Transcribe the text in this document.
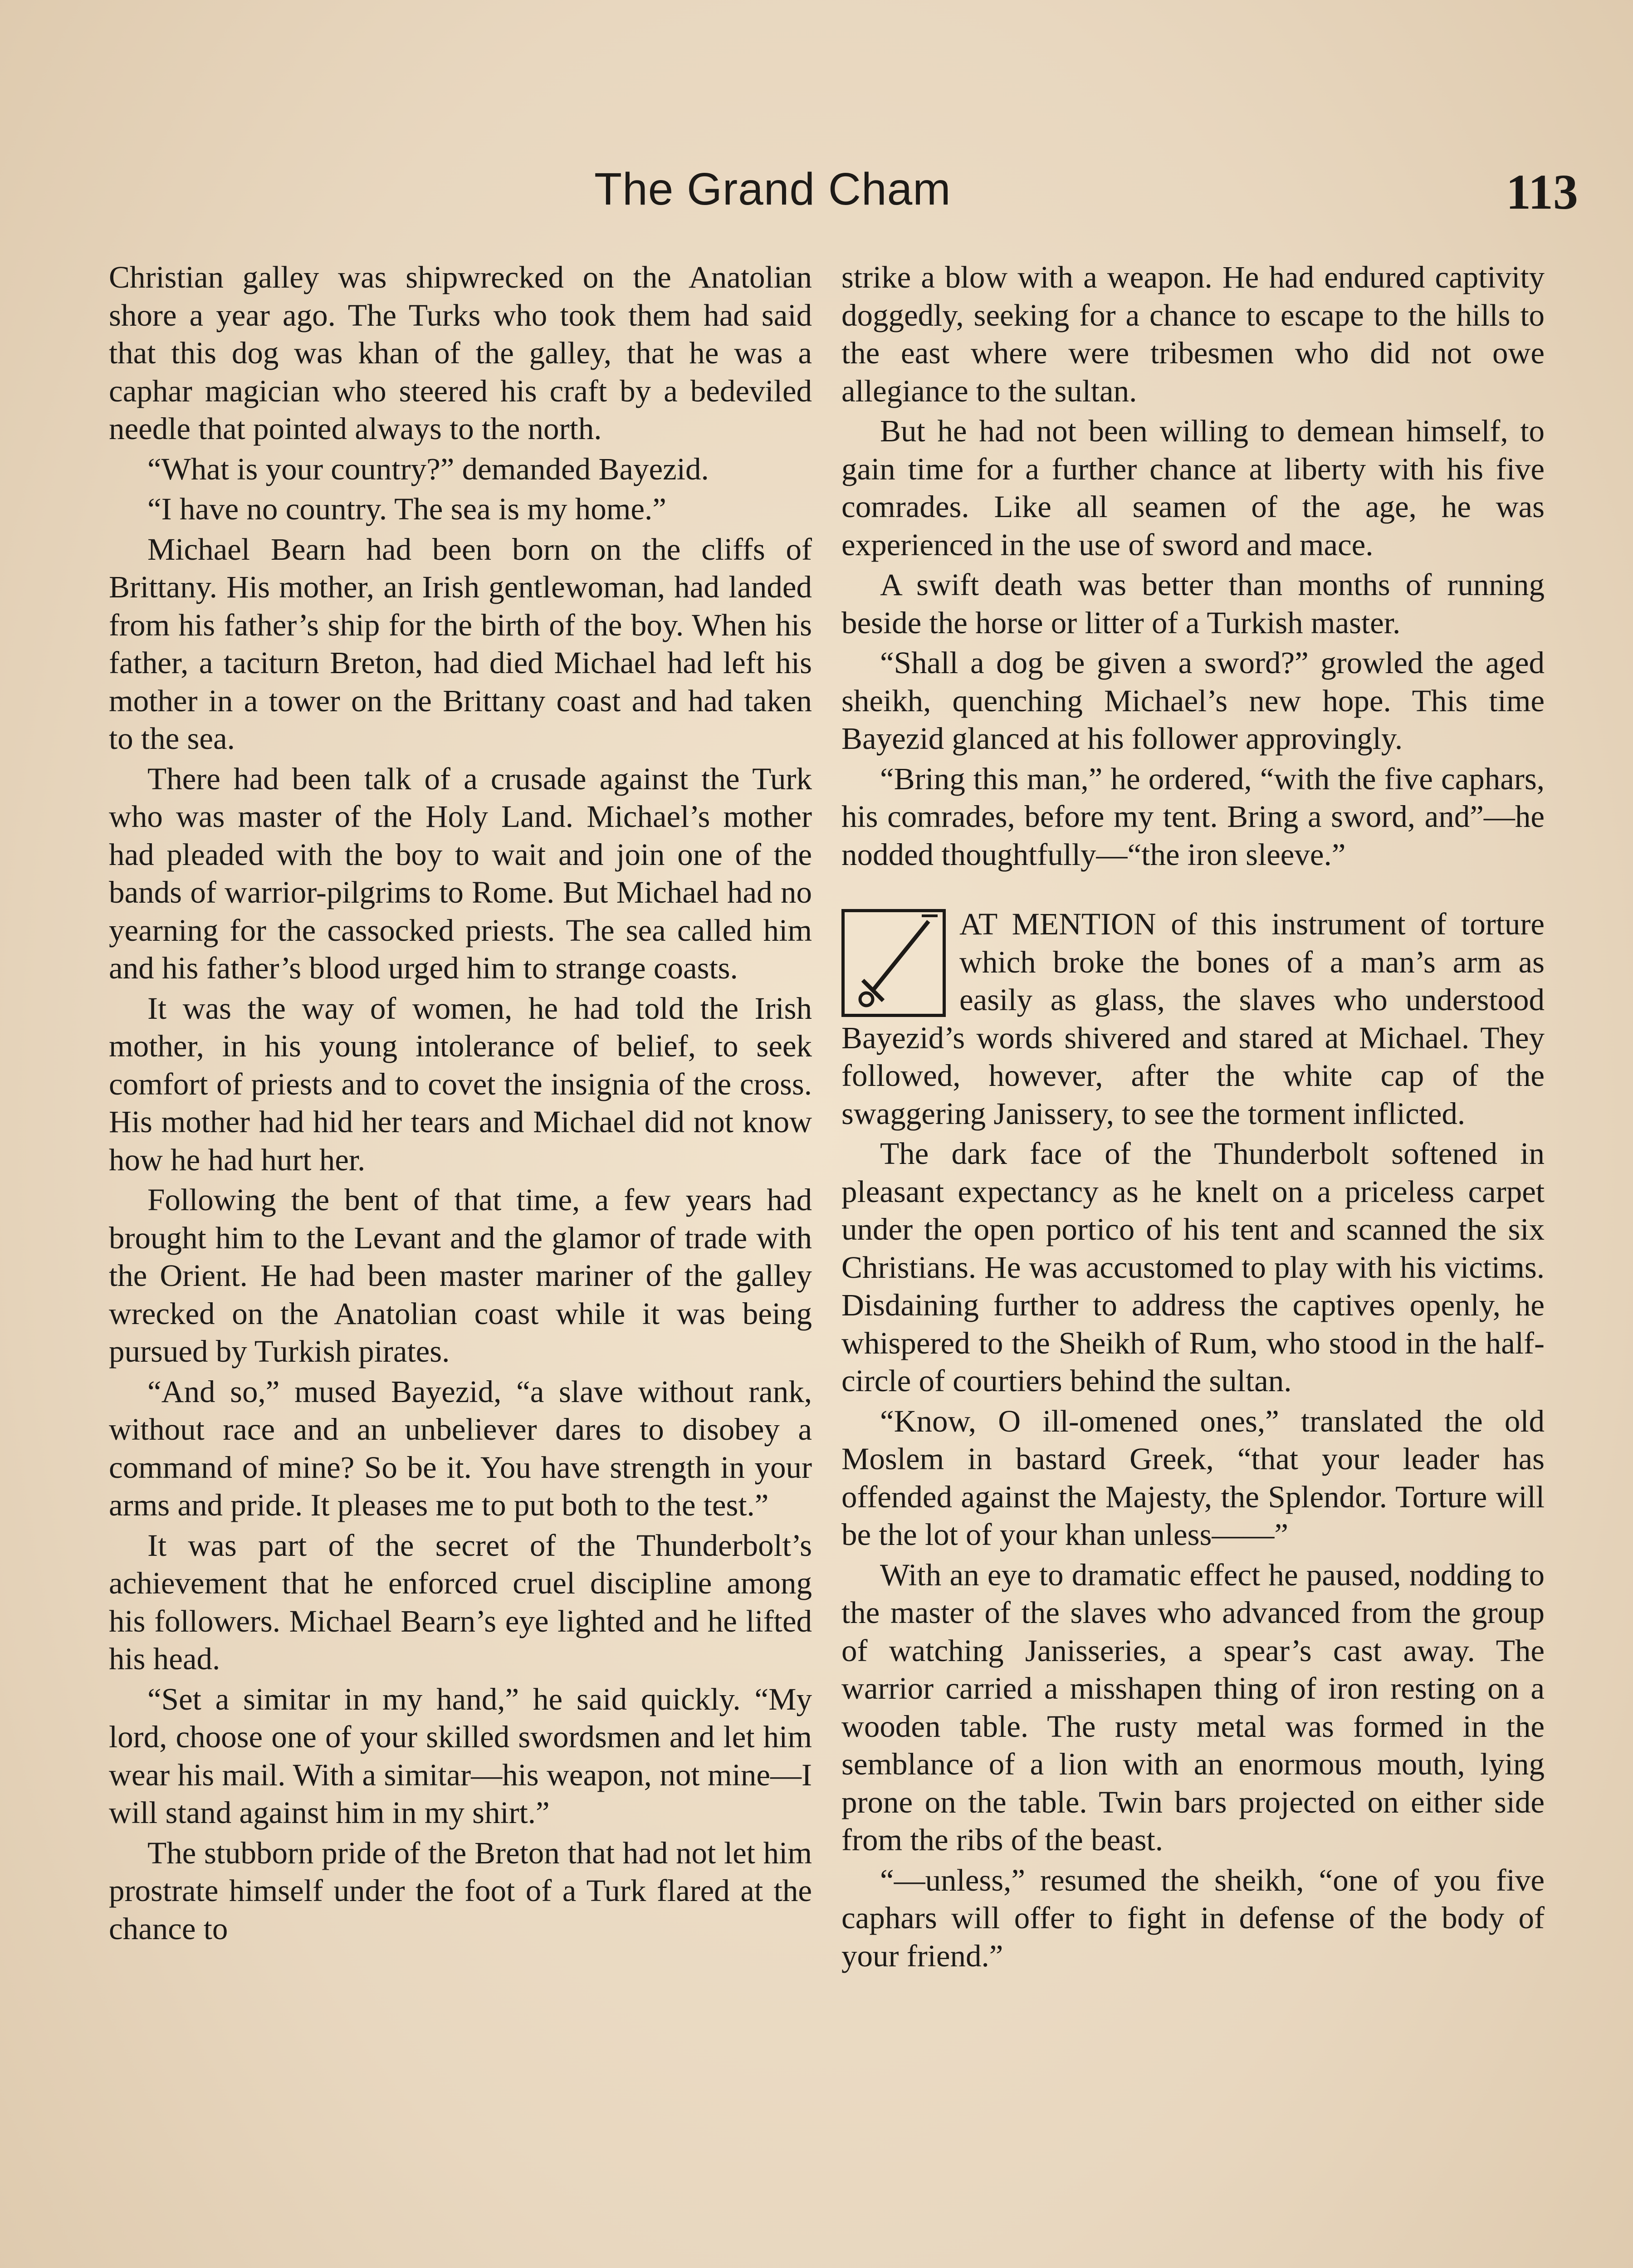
The Grand Cham	113

Christian galley was shipwrecked on the Anatolian shore a year ago. The Turks who took them had said that this dog was khan of the galley, that he was a caphar magician who steered his craft by a bedeviled needle that pointed always to the north.

“What is your country?” demanded Bayezid.

“I have no country. The sea is my home.”

Michael Bearn had been born on the cliffs of Brittany. His mother, an Irish gentlewoman, had landed from his father’s ship for the birth of the boy. When his father, a taciturn Breton, had died Michael had left his mother in a tower on the Brittany coast and had taken to the sea.

There had been talk of a crusade against the Turk who was master of the Holy Land. Michael’s mother had pleaded with the boy to wait and join one of the bands of warrior-pilgrims to Rome. But Michael had no yearning for the cassocked priests. The sea called him and his father’s blood urged him to strange coasts.

It was the way of women, he had told the Irish mother, in his young intolerance of belief, to seek comfort of priests and to covet the insignia of the cross. His mother had hid her tears and Michael did not know how he had hurt her.

Following the bent of that time, a few years had brought him to the Levant and the glamor of trade with the Orient. He had been master mariner of the galley wrecked on the Anatolian coast while it was being pursued by Turkish pirates.

“And so,” mused Bayezid, “a slave without rank, without race and an unbeliever dares to disobey a command of mine? So be it. You have strength in your arms and pride. It pleases me to put both to the test.”

It was part of the secret of the Thunderbolt’s achievement that he enforced cruel discipline among his followers. Michael Bearn’s eye lighted and he lifted his head.

“Set a simitar in my hand,” he said quickly. “My lord, choose one of your skilled swordsmen and let him wear his mail. With a simitar—his weapon, not mine—I will stand against him in my shirt.”

The stubborn pride of the Breton that had not let him prostrate himself under the foot of a Turk flared at the chance to

strike a blow with a weapon. He had endured captivity doggedly, seeking for a chance to escape to the hills to the east where were tribesmen who did not owe allegiance to the sultan.

But he had not been willing to demean himself, to gain time for a further chance at liberty with his five comrades. Like all seamen of the age, he was experienced in the use of sword and mace.

A swift death was better than months of running beside the horse or litter of a Turkish master.

“Shall a dog be given a sword?” growled the aged sheikh, quenching Michael’s new hope. This time Bayezid glanced at his follower approvingly.

“Bring this man,” he ordered, “with the five caphars, his comrades, before my tent. Bring a sword, and”—he nodded thoughtfully—“the iron sleeve.”

AT MENTION of this instrument of torture which broke the bones of a man’s arm as easily as glass, the slaves who understood Bayezid’s words shivered and stared at Michael. They followed, however, after the white cap of the swaggering Janissery, to see the torment inflicted.

The dark face of the Thunderbolt softened in pleasant expectancy as he knelt on a priceless carpet under the open portico of his tent and scanned the six Christians. He was accustomed to play with his victims. Disdaining further to address the captives openly, he whispered to the Sheikh of Rum, who stood in the half-circle of courtiers behind the sultan.

“Know, O ill-omened ones,” translated the old Moslem in bastard Greek, “that your leader has offended against the Majesty, the Splendor. Torture will be the lot of your khan unless——”

With an eye to dramatic effect he paused, nodding to the master of the slaves who advanced from the group of watching Janisseries, a spear’s cast away. The warrior carried a misshapen thing of iron resting on a wooden table. The rusty metal was formed in the semblance of a lion with an enormous mouth, lying prone on the table. Twin bars projected on either side from the ribs of the beast.

“—unless,” resumed the sheikh, “one of you five caphars will offer to fight in defense of the body of your friend.”
